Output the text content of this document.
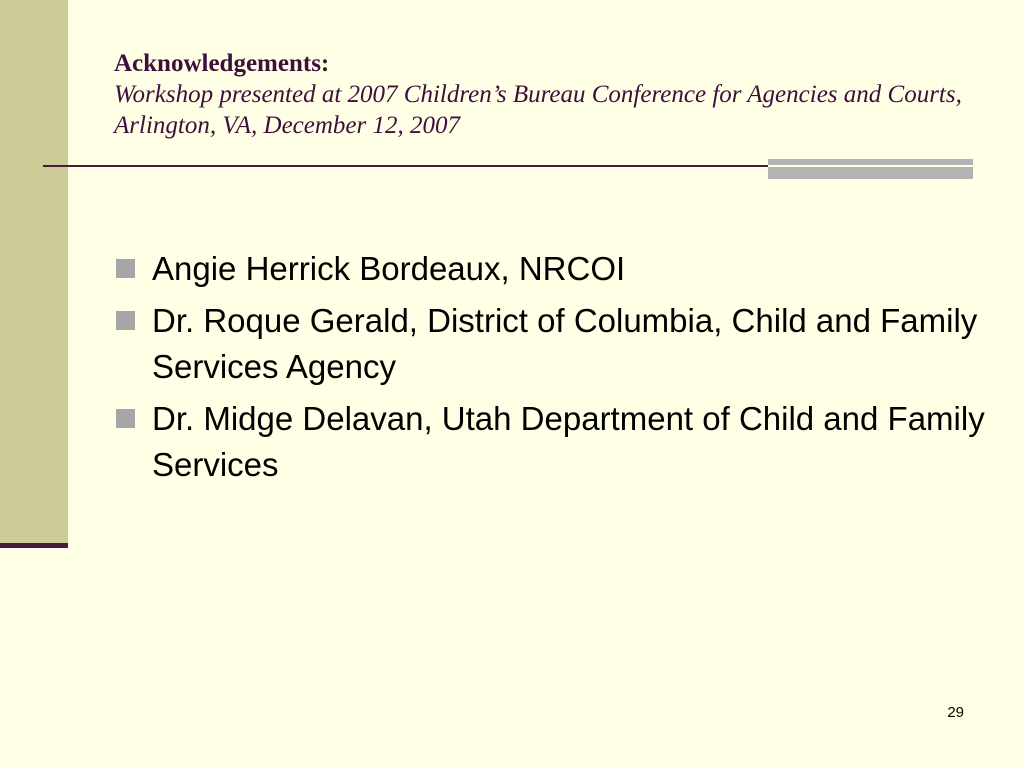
Acknowledgements:
Workshop presented at 2007 Children’s Bureau Conference for Agencies and Courts, Arlington, VA, December 12, 2007
Angie Herrick Bordeaux, NRCOI
Dr. Roque Gerald, District of Columbia, Child and Family Services Agency
Dr. Midge Delavan, Utah Department of Child and Family Services
29
